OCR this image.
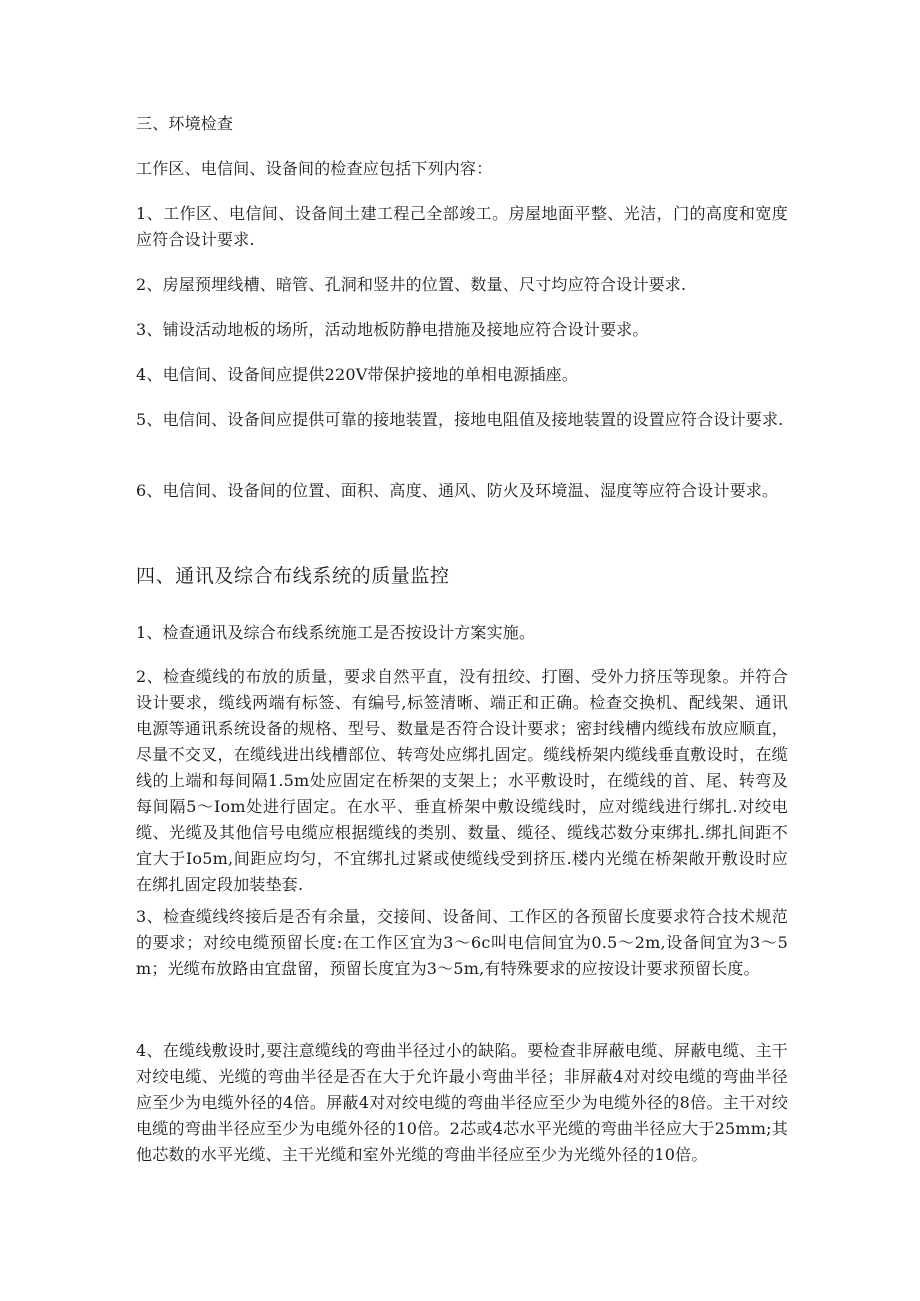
三、环境检查

工作区、电信间、设备间的检查应包括下列内容：

1、工作区、电信间、设备间土建工程己全部竣工。房屋地面平整、光洁，门的高度和宽度应符合设计要求.

2、房屋预埋线槽、暗管、孔洞和竖井的位置、数量、尺寸均应符合设计要求.

3、铺设活动地板的场所，活动地板防静电措施及接地应符合设计要求。

4、电信间、设备间应提供220V带保护接地的单相电源插座。

5、电信间、设备间应提供可靠的接地装置，接地电阻值及接地装置的设置应符合设计要求.

6、电信间、设备间的位置、面积、高度、通风、防火及环境温、湿度等应符合设计要求。

四、通讯及综合布线系统的质量监控

1、检查通讯及综合布线系统施工是否按设计方案实施。

2、检查缆线的布放的质量，要求自然平直，没有扭绞、打圈、受外力挤压等现象。并符合设计要求，缆线两端有标签、有编号,标签清晰、端正和正确。检查交换机、配线架、通讯电源等通讯系统设备的规格、型号、数量是否符合设计要求；密封线槽内缆线布放应顺直，尽量不交叉，在缆线进出线槽部位、转弯处应绑扎固定。缆线桥架内缆线垂直敷设时，在缆线的上端和每间隔1.5m处应固定在桥架的支架上；水平敷设时，在缆线的首、尾、转弯及每间隔5～Iom处进行固定。在水平、垂直桥架中敷设缆线时，应对缆线进行绑扎.对绞电缆、光缆及其他信号电缆应根据缆线的类别、数量、缆径、缆线芯数分束绑扎.绑扎间距不宜大于Io5m,间距应均匀，不宜绑扎过紧或使缆线受到挤压.楼内光缆在桥架敞开敷设时应在绑扎固定段加装垫套.

3、检查缆线终接后是否有余量，交接间、设备间、工作区的各预留长度要求符合技术规范的要求；对绞电缆预留长度:在工作区宜为3～6c叫电信间宜为0.5～2m,设备间宜为3～5m；光缆布放路由宜盘留，预留长度宜为3～5m,有特殊要求的应按设计要求预留长度。

4、在缆线敷设时,要注意缆线的弯曲半径过小的缺陷。要检查非屏蔽电缆、屏蔽电缆、主干对绞电缆、光缆的弯曲半径是否在大于允许最小弯曲半径；非屏蔽4对对绞电缆的弯曲半径应至少为电缆外径的4倍。屏蔽4对对绞电缆的弯曲半径应至少为电缆外径的8倍。主干对绞电缆的弯曲半径应至少为电缆外径的10倍。2芯或4芯水平光缆的弯曲半径应大于25mm;其他芯数的水平光缆、主干光缆和室外光缆的弯曲半径应至少为光缆外径的10倍。
